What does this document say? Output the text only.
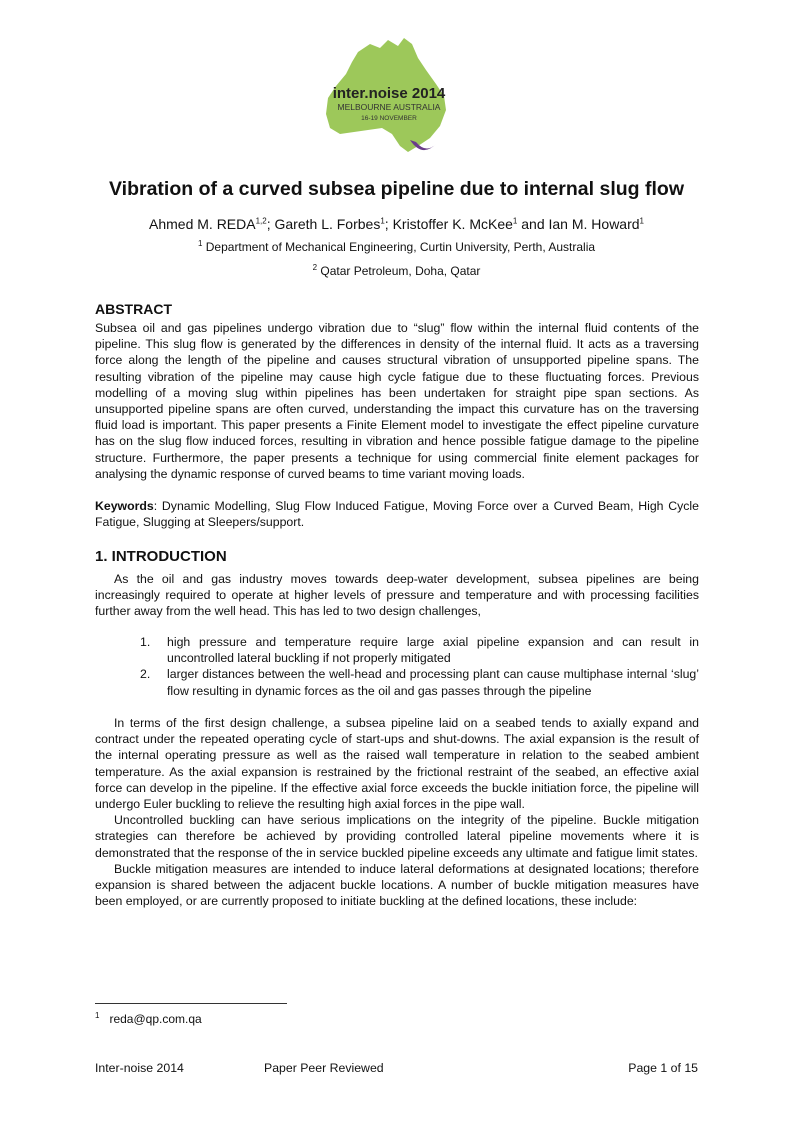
inter.noise 2014
MELBOURNE AUSTRALIA
16-19 NOVEMBER
Vibration of a curved subsea pipeline due to internal slug flow
Ahmed M. REDA$^{1,2}$; Gareth L. Forbes$^1$; Kristoffer K. McKee$^1$ and Ian M. Howard$^1$
$^1$ Department of Mechanical Engineering, Curtin University, Perth, Australia
$^2$ Qatar Petroleum, Doha, Qatar
ABSTRACT

Subsea oil and gas pipelines undergo vibration due to “slug” flow within the internal fluid contents of the pipeline. This slug flow is generated by the differences in density of the internal fluid. It acts as a traversing force along the length of the pipeline and causes structural vibration of unsupported pipeline spans. The resulting vibration of the pipeline may cause high cycle fatigue due to these fluctuating forces. Previous modelling of a moving slug within pipelines has been undertaken for straight pipe span sections. As unsupported pipeline spans are often curved, understanding the impact this curvature has on the traversing fluid load is important. This paper presents a Finite Element model to investigate the effect pipeline curvature has on the slug flow induced forces, resulting in vibration and hence possible fatigue damage to the pipeline structure. Furthermore, the paper presents a technique for using commercial finite element packages for analysing the dynamic response of curved beams to time variant moving loads.

Keywords: Dynamic Modelling, Slug Flow Induced Fatigue, Moving Force over a Curved Beam, High Cycle Fatigue, Slugging at Sleepers/support.

1. INTRODUCTION

As the oil and gas industry moves towards deep-water development, subsea pipelines are being increasingly required to operate at higher levels of pressure and temperature and with processing facilities further away from the well head. This has led to two design challenges,

1.	high pressure and temperature require large axial pipeline expansion and can result in uncontrolled lateral buckling if not properly mitigated
2.	larger distances between the well-head and processing plant can cause multiphase internal ‘slug’ flow resulting in dynamic forces as the oil and gas passes through the pipeline

In terms of the first design challenge, a subsea pipeline laid on a seabed tends to axially expand and contract under the repeated operating cycle of start-ups and shut-downs. The axial expansion is the result of the internal operating pressure as well as the raised wall temperature in relation to the seabed ambient temperature. As the axial expansion is restrained by the frictional restraint of the seabed, an effective axial force can develop in the pipeline. If the effective axial force exceeds the buckle initiation force, the pipeline will undergo Euler buckling to relieve the resulting high axial forces in the pipe wall.

Uncontrolled buckling can have serious implications on the integrity of the pipeline. Buckle mitigation strategies can therefore be achieved by providing controlled lateral pipeline movements where it is demonstrated that the response of the in service buckled pipeline exceeds any ultimate and fatigue limit states.

Buckle mitigation measures are intended to induce lateral deformations at designated locations; therefore expansion is shared between the adjacent buckle locations. A number of buckle mitigation measures have been employed, or are currently proposed to initiate buckling at the defined locations, these include:

$^1$ reda@qp.com.qa
Inter-noise 2014	Paper Peer Reviewed	Page 1 of 15
